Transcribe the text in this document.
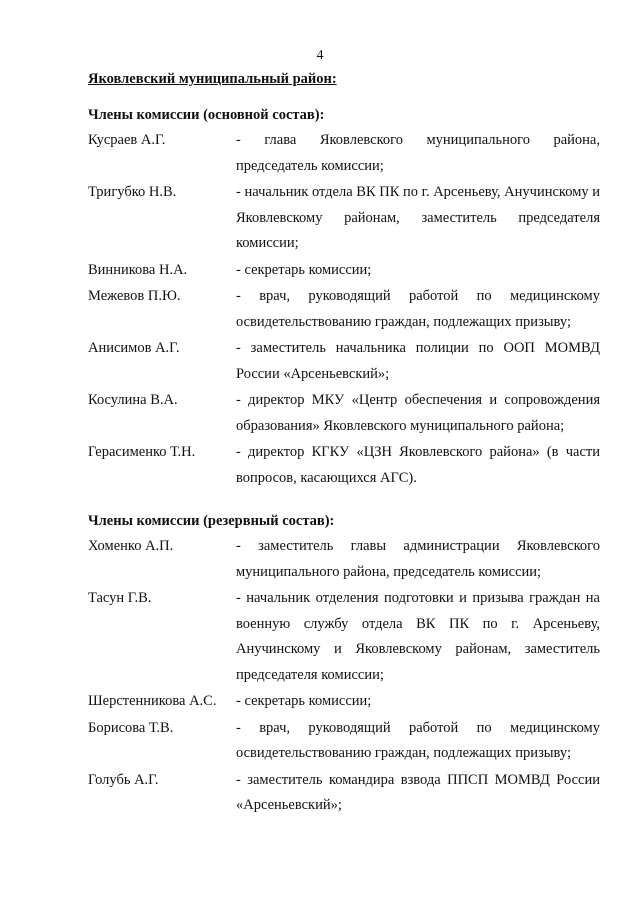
4
Яковлевский муниципальный район:
Члены комиссии (основной состав):
Кусраев А.Г.	- глава Яковлевского муниципального района, председатель комиссии;
Тригубко Н.В.	- начальник отдела ВК ПК по г. Арсеньеву, Анучинскому и Яковлевскому районам, заместитель председателя комиссии;
Винникова Н.А.	- секретарь комиссии;
Межевов П.Ю.	- врач, руководящий работой по медицинскому освидетельствованию граждан, подлежащих призыву;
Анисимов А.Г.	- заместитель начальника полиции по ООП МОМВД России «Арсеньевский»;
Косулина В.А.	- директор МКУ «Центр обеспечения и сопровождения образования» Яковлевского муниципального района;
Герасименко Т.Н.	- директор КГКУ «ЦЗН Яковлевского района» (в части вопросов, касающихся АГС).
Члены комиссии (резервный состав):
Хоменко А.П.	- заместитель главы администрации Яковлевского муниципального района, председатель комиссии;
Тасун Г.В.	- начальник отделения подготовки и призыва граждан на военную службу отдела ВК ПК по г. Арсеньеву, Анучинскому и Яковлевскому районам, заместитель председателя комиссии;
Шерстенникова А.С.	- секретарь комиссии;
Борисова Т.В.	- врач, руководящий работой по медицинскому освидетельствованию граждан, подлежащих призыву;
Голубь А.Г.	- заместитель командира взвода ППСП МОМВД России «Арсеньевский»;
